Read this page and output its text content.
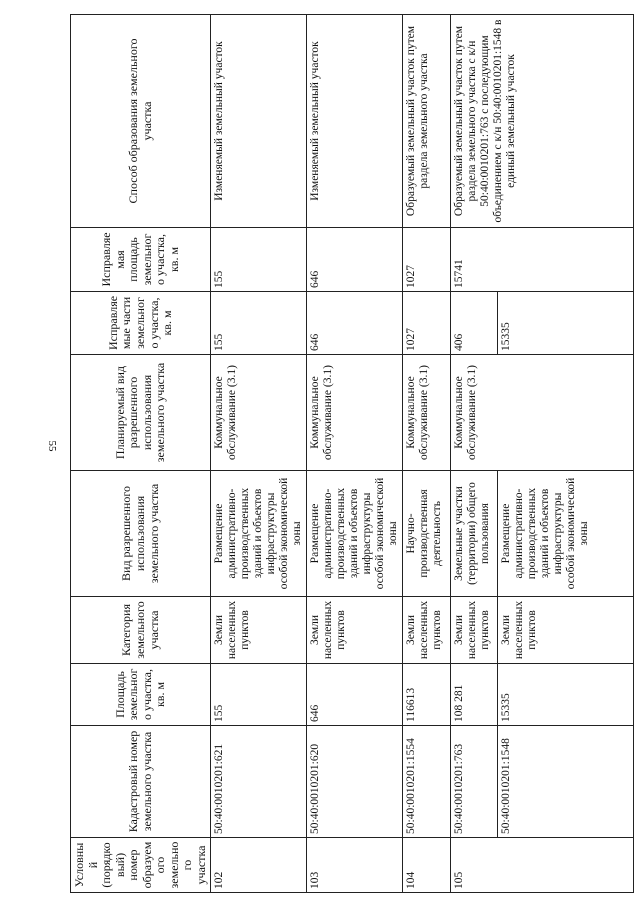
55
Условный (порядковый) номер образуемого земельного участка	Кадастровый номер земельного участка	Площадь земельного участка, кв. м	Категория земельного участка	Вид разрешенного использования земельного участка	Планируемый вид разрешенного использования земельного участка	Исправляемые части земельного участка, кв. м	Исправляемая площадь земельного участка, кв. м	Способ образования земельного участка
102	50:40:0010201:621	155	Земли населенных пунктов	Размещение административно-производственных зданий и объектов инфраструктуры особой экономической зоны	Коммунальное обслуживание (3.1)	155	155	Изменяемый земельный участок
103	50:40:0010201:620	646	Земли населенных пунктов	Размещение административно-производственных зданий и объектов инфраструктуры особой экономической зоны	Коммунальное обслуживание (3.1)	646	646	Изменяемый земельный участок
104	50:40:0010201:1554	116613	Земли населенных пунктов	Научно-производственная деятельность	Коммунальное обслуживание (3.1)	1027	1027	Образуемый земельный участок путем раздела земельного участка
105	50:40:0010201:763	108 281	Земли населенных пунктов	Земельные участки (территории) общего пользования	Коммунальное обслуживание (3.1)	406	15741	Образуемый земельный участок путем раздела земельного участка с к/н 50:40:0010201:763 с последующим объединением с к/н 50:40:0010201:1548 в единый земельный участок
	50:40:0010201:1548	15335	Земли населенных пунктов	Размещение административно-производственных зданий и объектов инфраструктуры особой экономической зоны		15335		
